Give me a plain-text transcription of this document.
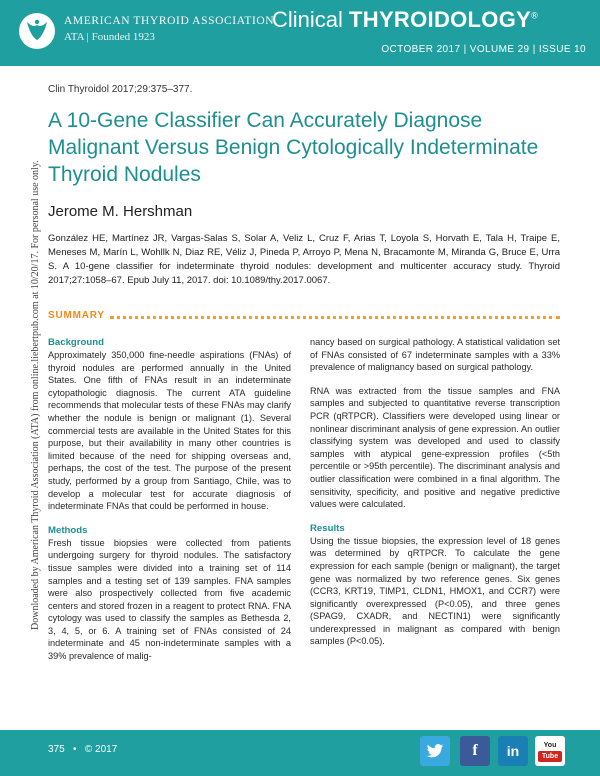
AMERICAN THYROID ASSOCIATION
ATA | Founded 1923
Clinical THYROIDOLOGY®
OCTOBER 2017 | VOLUME 29 | ISSUE 10
Downloaded by American Thyroid Association (ATA) from online.liebertpub.com at 10/20/17. For personal use only.
Clin Thyroidol 2017;29:375–377.
A 10-Gene Classifier Can Accurately Diagnose Malignant Versus Benign Cytologically Indeterminate Thyroid Nodules
Jerome M. Hershman
González HE, Martínez JR, Vargas-Salas S, Solar A, Veliz L, Cruz F, Arias T, Loyola S, Horvath E, Tala H, Traipe E, Meneses M, Marín L, Wohllk N, Diaz RE, Véliz J, Pineda P, Arroyo P, Mena N, Bracamonte M, Miranda G, Bruce E, Urra S. A 10-gene classifier for indeterminate thyroid nodules: development and multicenter accuracy study. Thyroid 2017;27:1058–67. Epub July 11, 2017. doi: 10.1089/thy.2017.0067.
SUMMARY
Background

Approximately 350,000 fine-needle aspirations (FNAs) of thyroid nodules are performed annually in the United States. One fifth of FNAs result in an indeterminate cytopathologic diagnosis. The current ATA guideline recommends that molecular tests of these FNAs may clarify whether the nodule is benign or malignant (1). Several commercial tests are available in the United States for this purpose, but their availability in many other countries is limited because of the need for shipping overseas and, perhaps, the cost of the test. The purpose of the present study, performed by a group from Santiago, Chile, was to develop a molecular test for accurate diagnosis of indeterminate FNAs that could be performed in house.

Methods

Fresh tissue biopsies were collected from patients undergoing surgery for thyroid nodules. The satisfactory tissue samples were divided into a training set of 114 samples and a testing set of 139 samples. FNA samples were also prospectively collected from five academic centers and stored frozen in a reagent to protect RNA. FNA cytology was used to classify the samples as Bethesda 2, 3, 4, 5, or 6. A training set of FNAs consisted of 24 indeterminate and 45 non-indeterminate samples with a 39% prevalence of malig-

nancy based on surgical pathology. A statistical validation set of FNAs consisted of 67 indeterminate samples with a 33% prevalence of malignancy based on surgical pathology.

RNA was extracted from the tissue samples and FNA samples and subjected to quantitative reverse transcription PCR (qRTPCR). Classifiers were developed using linear or nonlinear discriminant analysis of gene expression. An outlier classifying system was developed and used to classify samples with atypical gene-expression profiles (<5th percentile or >95th percentile). The discriminant analysis and outlier classification were combined in a final algorithm. The sensitivity, specificity, and positive and negative predictive values were calculated.

Results

Using the tissue biopsies, the expression level of 18 genes was determined by qRTPCR. To calculate the gene expression for each sample (benign or malignant), the target gene was normalized by two reference genes. Six genes (CCR3, KRT19, TIMP1, CLDN1, HMOX1, and CCR7) were significantly overexpressed (P<0.05), and three genes (SPAG9, CXADR, and NECTIN1) were significantly underexpressed in malignant as compared with benign samples (P<0.05).

375   •   © 2017	f	in	You
Tube
